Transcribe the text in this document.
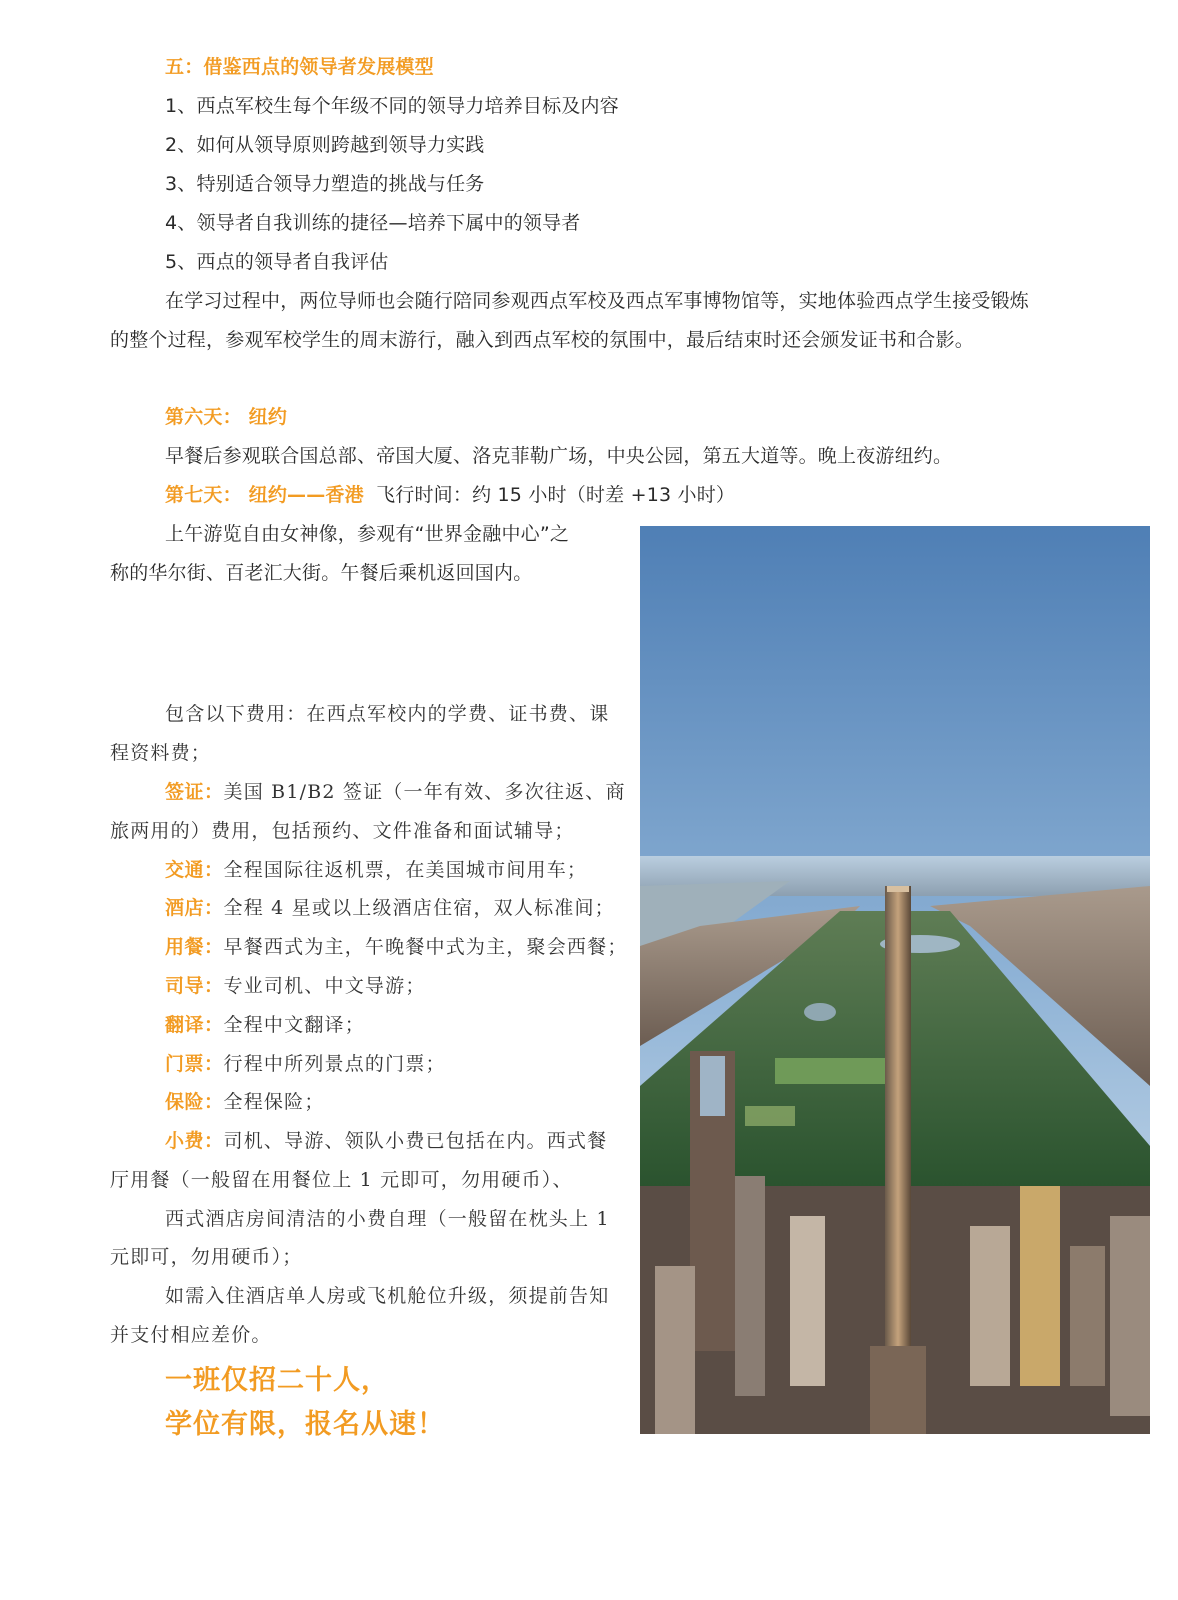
五：借鉴西点的领导者发展模型
1、西点军校生每个年级不同的领导力培养目标及内容
2、如何从领导原则跨越到领导力实践
3、特别适合领导力塑造的挑战与任务
4、领导者自我训练的捷径—培养下属中的领导者
5、西点的领导者自我评估
在学习过程中，两位导师也会随行陪同参观西点军校及西点军事博物馆等，实地体验西点学生接受锻炼
的整个过程，参观军校学生的周末游行，融入到西点军校的氛围中，最后结束时还会颁发证书和合影。
第六天： 纽约
早餐后参观联合国总部、帝国大厦、洛克菲勒广场，中央公园，第五大道等。晚上夜游纽约。
第七天： 纽约——香港 飞行时间：约 15 小时（时差 +13 小时）
上午游览自由女神像，参观有“世界金融中心”之
称的华尔街、百老汇大街。午餐后乘机返回国内。
包含以下费用：在西点军校内的学费、证书费、课
程资料费；
签证：美国 B1/B2 签证（一年有效、多次往返、商
旅两用的）费用，包括预约、文件准备和面试辅导；
交通：全程国际往返机票，在美国城市间用车；
酒店：全程 4 星或以上级酒店住宿，双人标准间；
用餐：早餐西式为主，午晚餐中式为主，聚会西餐；
司导：专业司机、中文导游；
翻译：全程中文翻译；
门票：行程中所列景点的门票；
保险：全程保险；
小费：司机、导游、领队小费已包括在内。西式餐
厅用餐（一般留在用餐位上 1 元即可，勿用硬币）、
西式酒店房间清洁的小费自理（一般留在枕头上 1
元即可，勿用硬币）；
如需入住酒店单人房或飞机舱位升级，须提前告知
并支付相应差价。
一班仅招二十人，
学位有限，报名从速！
